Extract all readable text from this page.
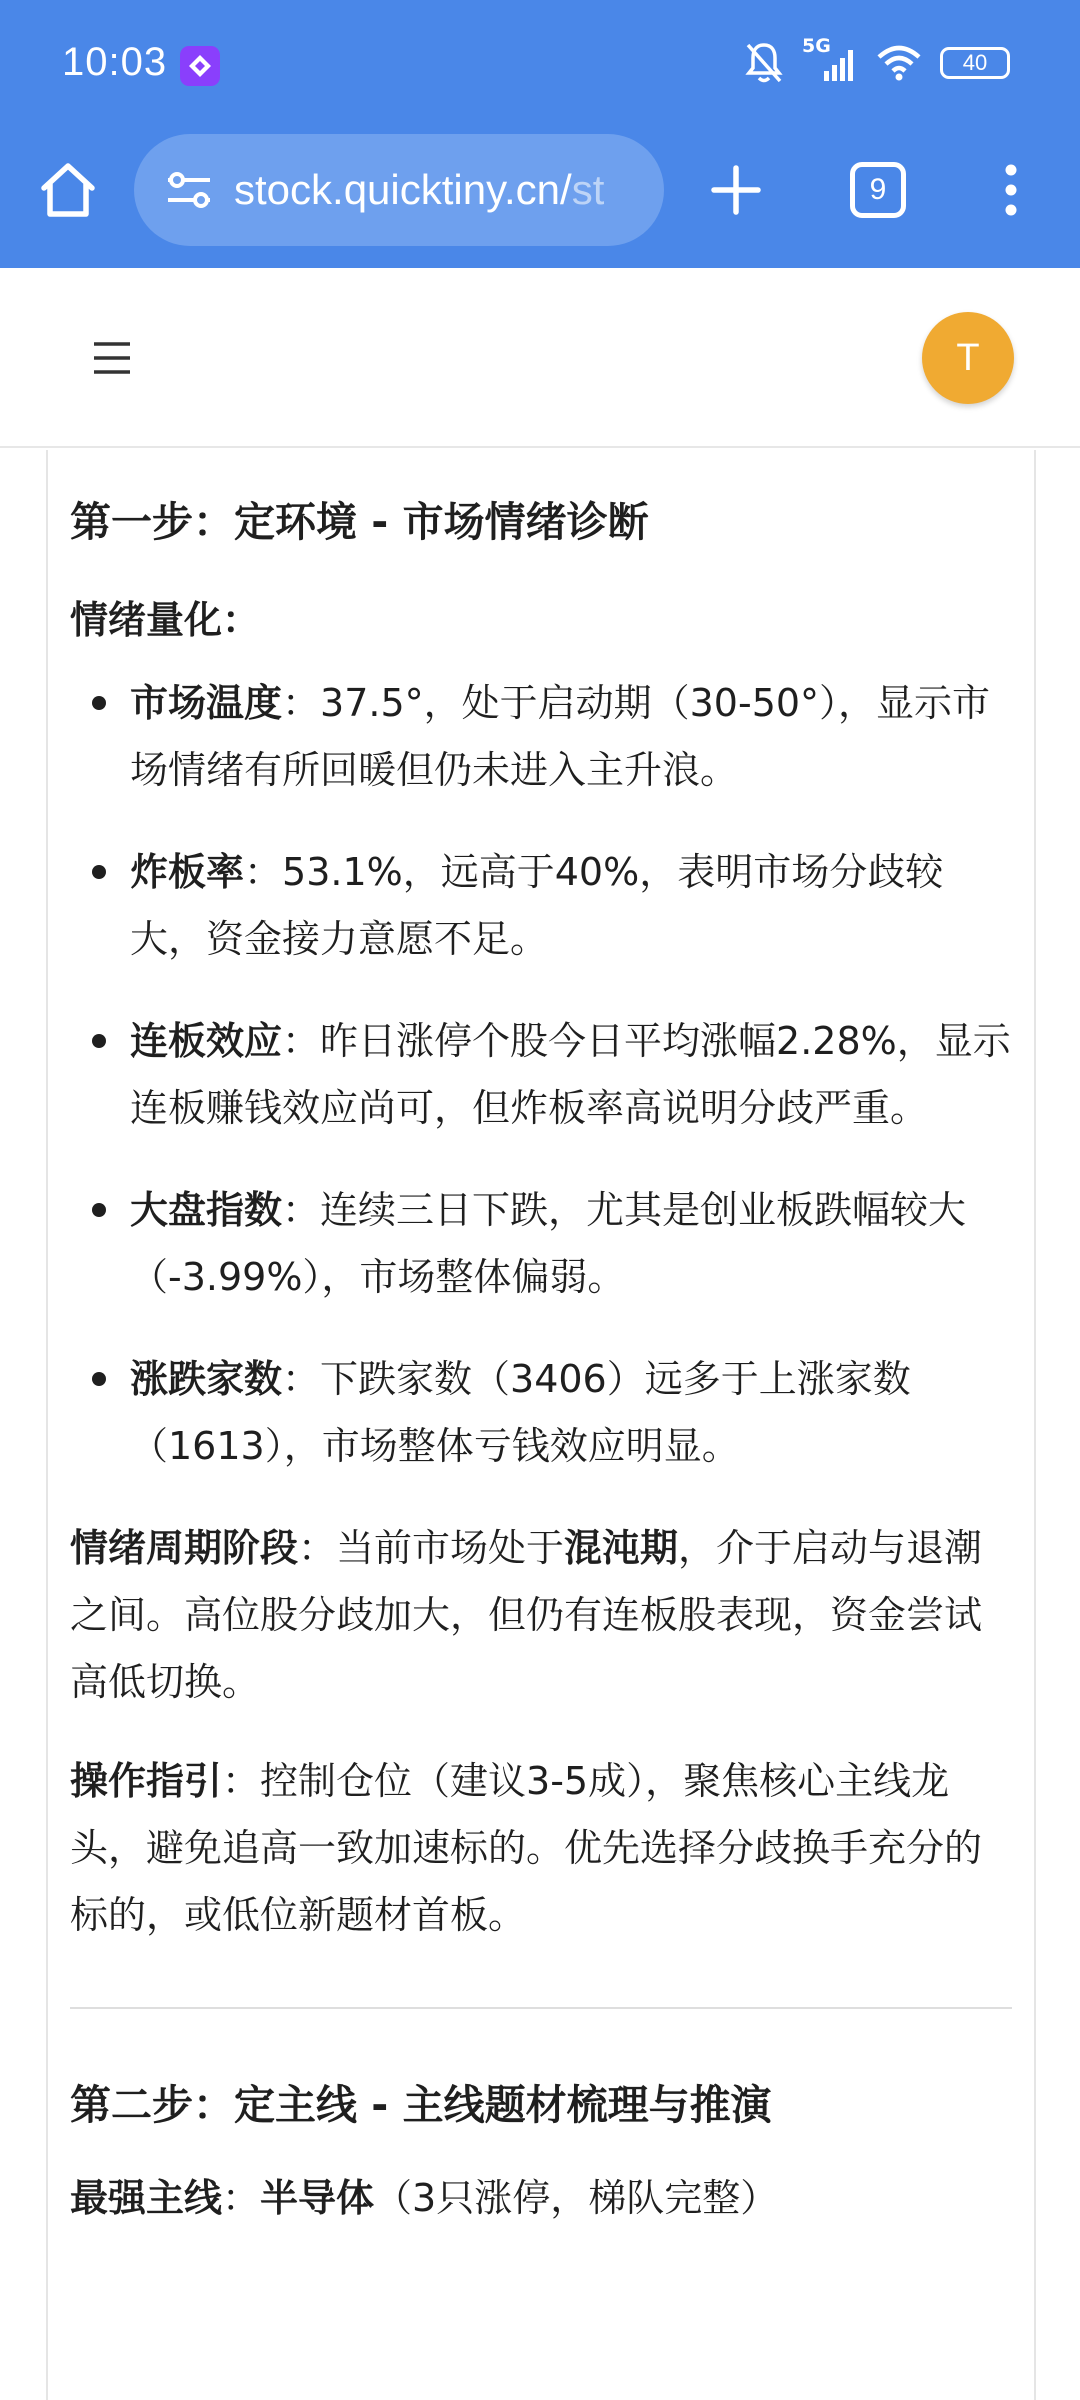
10:03	5G
40
stock.quicktiny.cn/st	9
T
第一步：定环境 - 市场情绪诊断
情绪量化：
市场温度：37.5°，处于启动期（30-50°），显示市场情绪有所回暖但仍未进入主升浪。
炸板率：53.1%，远高于40%，表明市场分歧较大，资金接力意愿不足。
连板效应：昨日涨停个股今日平均涨幅2.28%，显示连板赚钱效应尚可，但炸板率高说明分歧严重。
大盘指数：连续三日下跌，尤其是创业板跌幅较大（-3.99%），市场整体偏弱。
涨跌家数：下跌家数（3406）远多于上涨家数（1613），市场整体亏钱效应明显。
情绪周期阶段：当前市场处于混沌期，介于启动与退潮之间。高位股分歧加大，但仍有连板股表现，资金尝试高低切换。
操作指引：控制仓位（建议3-5成），聚焦核心主线龙头，避免追高一致加速标的。优先选择分歧换手充分的标的，或低位新题材首板。
第二步：定主线 - 主线题材梳理与推演
最强主线：半导体（3只涨停，梯队完整）
